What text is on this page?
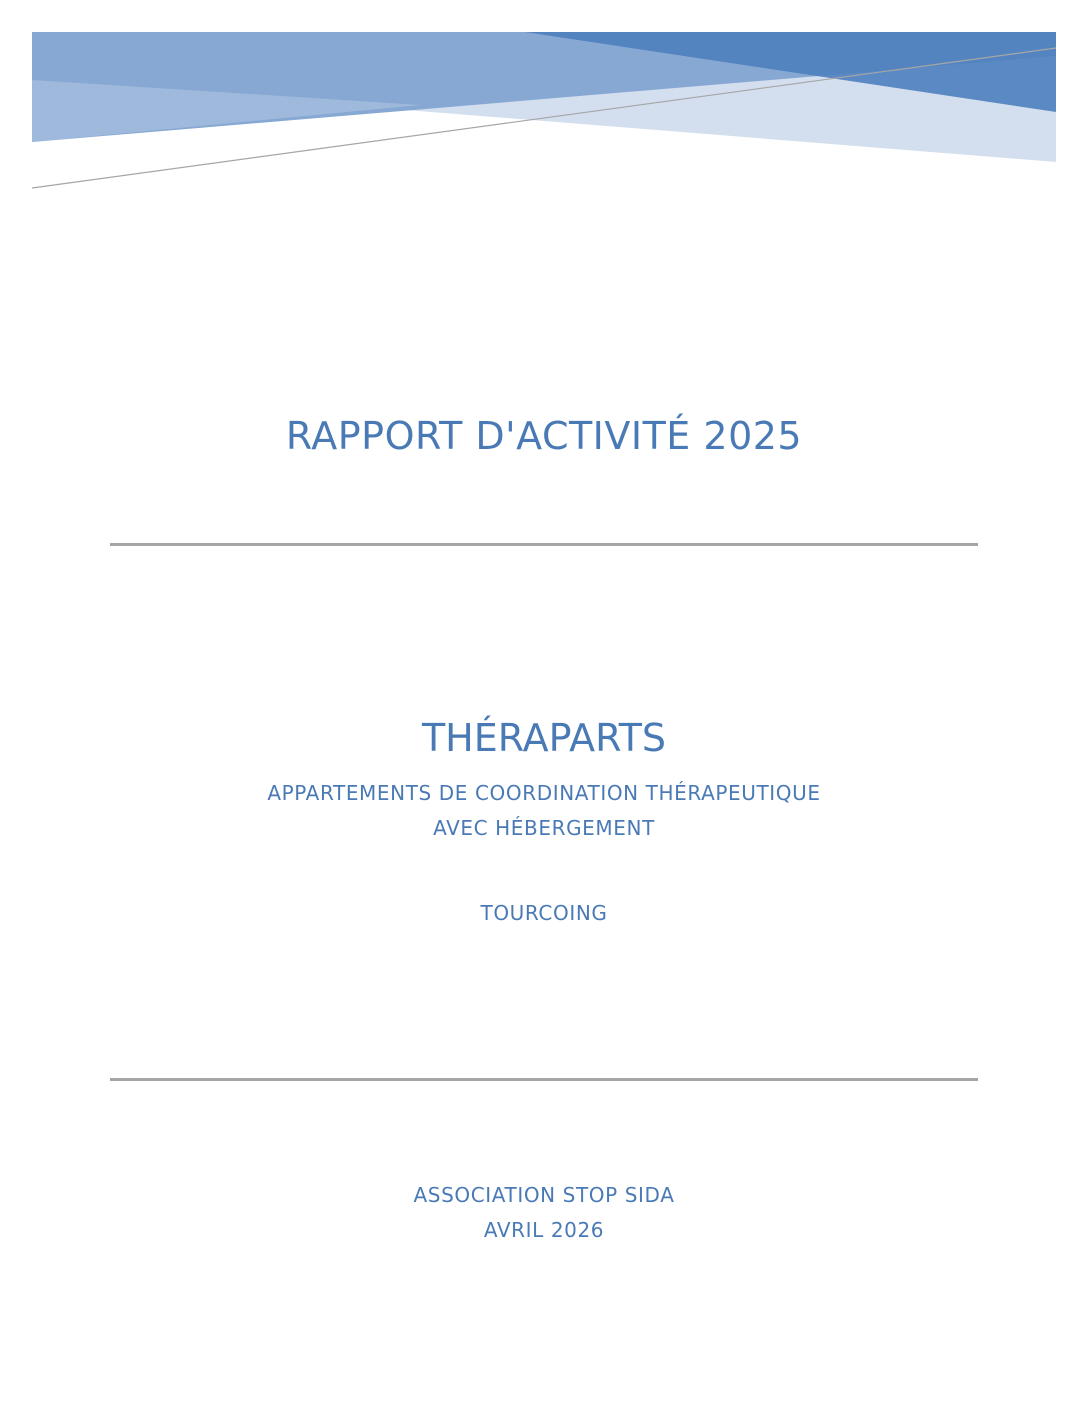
RAPPORT D'ACTIVITÉ 2025
THÉRAPARTS

APPARTEMENTS DE COORDINATION THÉRAPEUTIQUE

AVEC HÉBERGEMENT

TOURCOING

ASSOCIATION STOP SIDA

AVRIL 2026
